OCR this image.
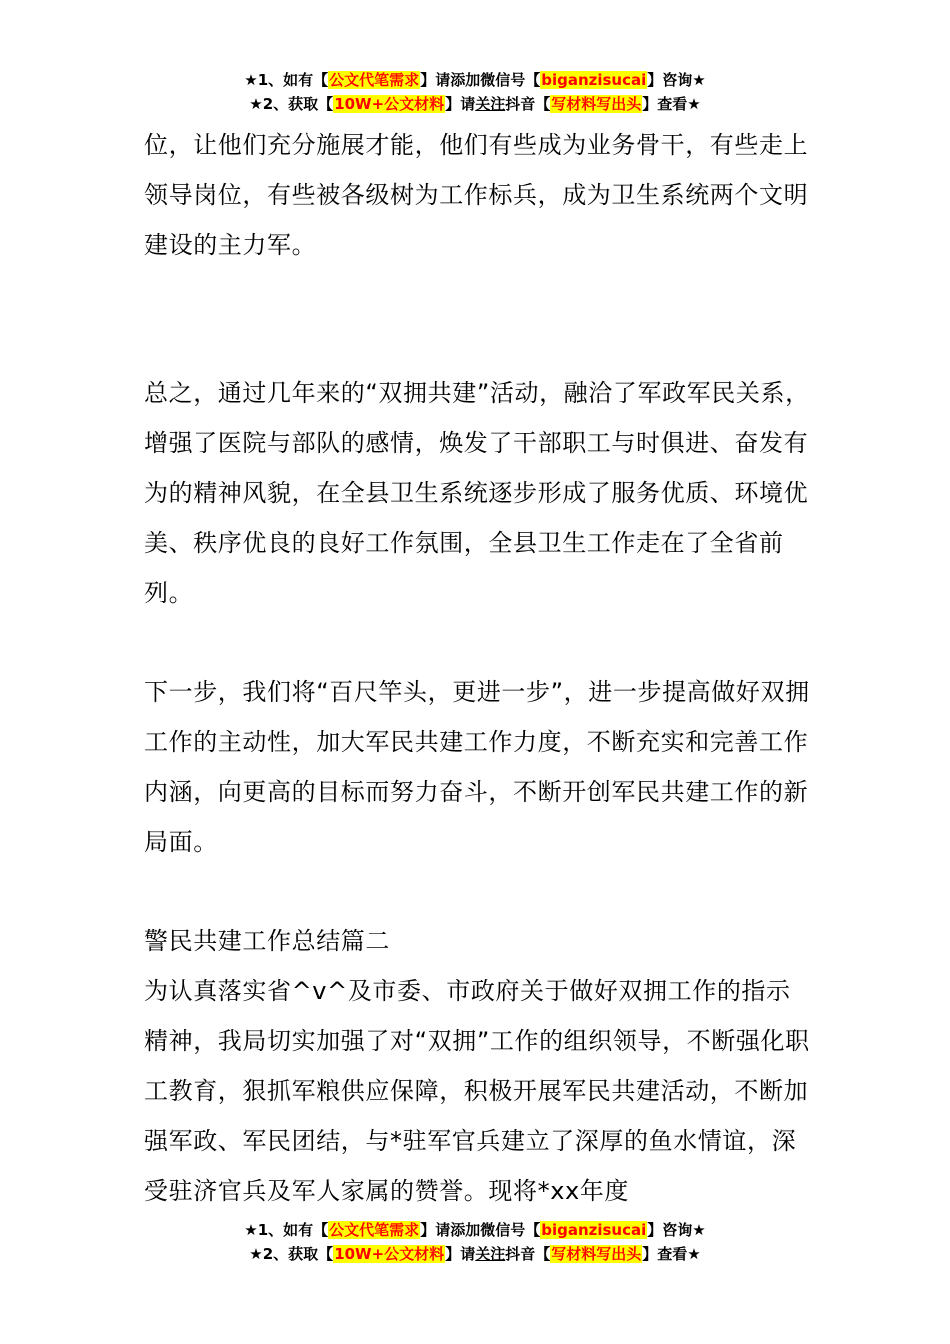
★1、如有【公文代笔需求】请添加微信号【biganzisucai】咨询★
★2、获取【10W+公文材料】请关注抖音【写材料写出头】查看★

位，让他们充分施展才能，他们有些成为业务骨干，有些走上领导岗位，有些被各级树为工作标兵，成为卫生系统两个文明建设的主力军。

总之，通过几年来的“双拥共建”活动，融洽了军政军民关系，增强了医院与部队的感情，焕发了干部职工与时俱进、奋发有为的精神风貌，在全县卫生系统逐步形成了服务优质、环境优美、秩序优良的良好工作氛围，全县卫生工作走在了全省前列。

下一步，我们将“百尺竿头，更进一步”，进一步提高做好双拥工作的主动性，加大军民共建工作力度，不断充实和完善工作内涵，向更高的目标而努力奋斗，不断开创军民共建工作的新局面。

警民共建工作总结篇二

为认真落实省^v^及市委、市政府关于做好双拥工作的指示精神，我局切实加强了对“双拥”工作的组织领导，不断强化职工教育，狠抓军粮供应保障，积极开展军民共建活动，不断加强军政、军民团结，与*驻军官兵建立了深厚的鱼水情谊，深受驻济官兵及军人家属的赞誉。现将*xx年度

★1、如有【公文代笔需求】请添加微信号【biganzisucai】咨询★
★2、获取【10W+公文材料】请关注抖音【写材料写出头】查看★
